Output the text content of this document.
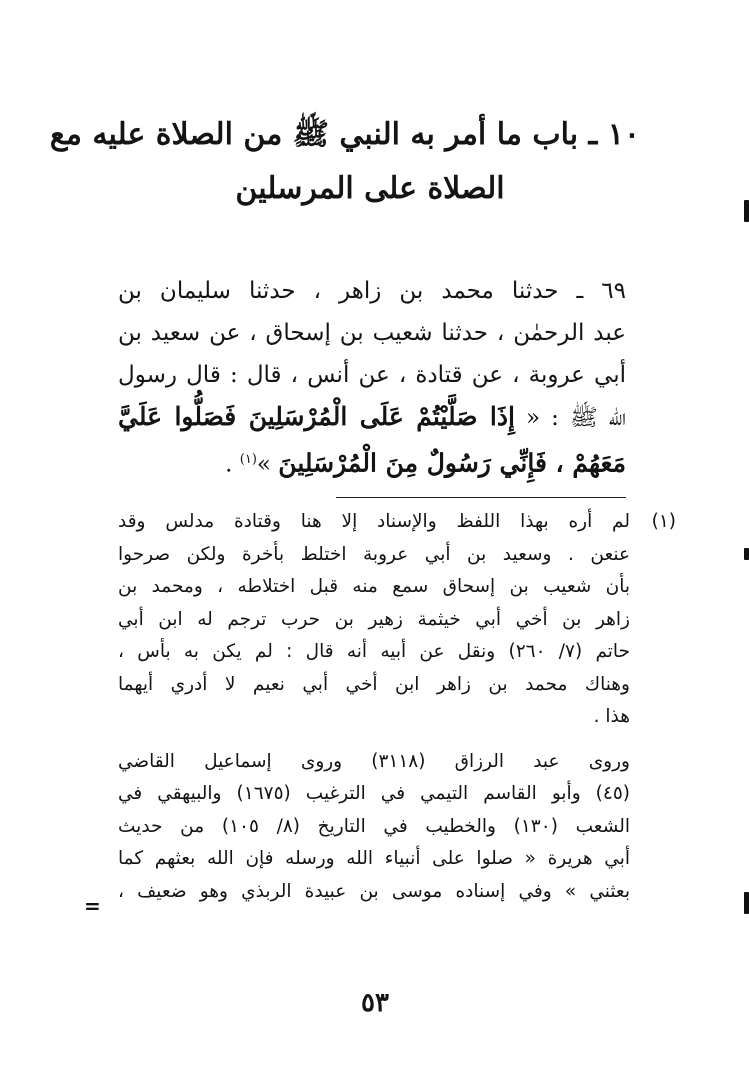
١٠ ـ باب ما أمر به النبي ﷺ من الصلاة عليه مع
الصلاة على المرسلين
٦٩ ـ حدثنا محمد بن زاهر ، حدثنا سليمان بن
عبد الرحمٰن ، حدثنا شعيب بن إسحاق ، عن سعيد بن
أبي عروبة ، عن قتادة ، عن أنس ، قال : قال رسول
الله ﷺ : « إِذَا صَلَّيْتُمْ عَلَى الْمُرْسَلِينَ فَصَلُّوا عَلَيَّ
مَعَهُمْ ، فَإِنِّي رَسُولٌ مِنَ الْمُرْسَلِينَ »$^{(١)}$ .
(١)لم أره بهذا اللفظ والإسناد إلا هنا وقتادة مدلس وقد
عنعن . وسعيد بن أبي عروبة اختلط بأخرة ولكن صرحوا
بأن شعيب بن إسحاق سمع منه قبل اختلاطه ، ومحمد بن
زاهر بن أخي أبي خيثمة زهير بن حرب ترجم له ابن أبي
حاتم (٧/ ٢٦٠) ونقل عن أبيه أنه قال : لم يكن به بأس ،
وهناك محمد بن زاهر ابن أخي أبي نعيم لا أدري أيهما
هذا .
وروى عبد الرزاق (٣١١٨) وروى إسماعيل القاضي
(٤٥) وأبو القاسم التيمي في الترغيب (١٦٧٥) والبيهقي في
الشعب (١٣٠) والخطيب في التاريخ (٨/ ١٠٥) من حديث
أبي هريرة « صلوا على أنبياء الله ورسله فإن الله بعثهم كما
بعثني » وفي إسناده موسى بن عبيدة الربذي وهو ضعيف ،
=
٥٣
